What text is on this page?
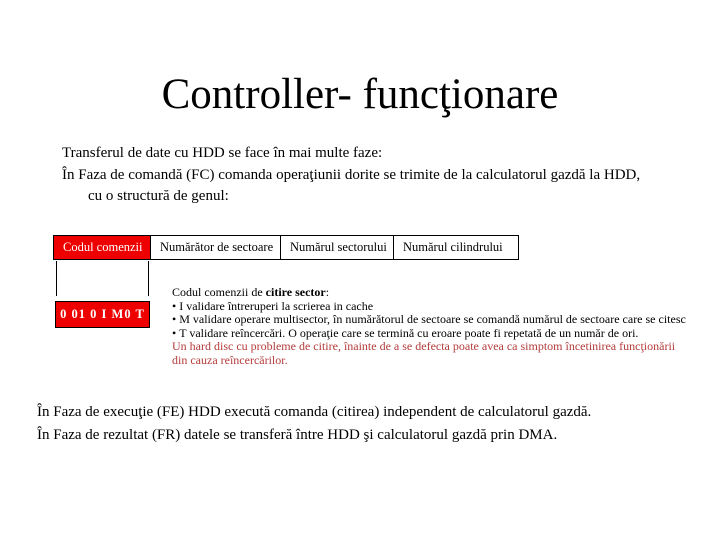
Controller- funcţionare
Transferul de date cu HDD se face în mai multe faze:
În Faza de comandă (FC) comanda operaţiunii dorite se trimite de la calculatorul gazdă la HDD,
cu o structură de genul:
Codul comenzii	Numărător de sectoare	Numărul sectorului	Numărul cilindrului
0 01 0 I M0 T
Codul comenzii de citire sector:
• I validare întreruperi la scrierea in cache
• M validare operare multisector, în numărătorul de sectoare se comandă numărul de sectoare care se citesc
• T validare reîncercări. O operaţie care se termină cu eroare poate fi repetată de un număr de ori.
Un hard disc cu probleme de citire, înainte de a se defecta poate avea ca simptom încetinirea funcţionării
din cauza reîncercărilor.
În Faza de execuţie (FE) HDD execută comanda (citirea) independent de calculatorul gazdă.
În Faza de rezultat (FR) datele se transferă între HDD şi calculatorul gazdă prin DMA.
